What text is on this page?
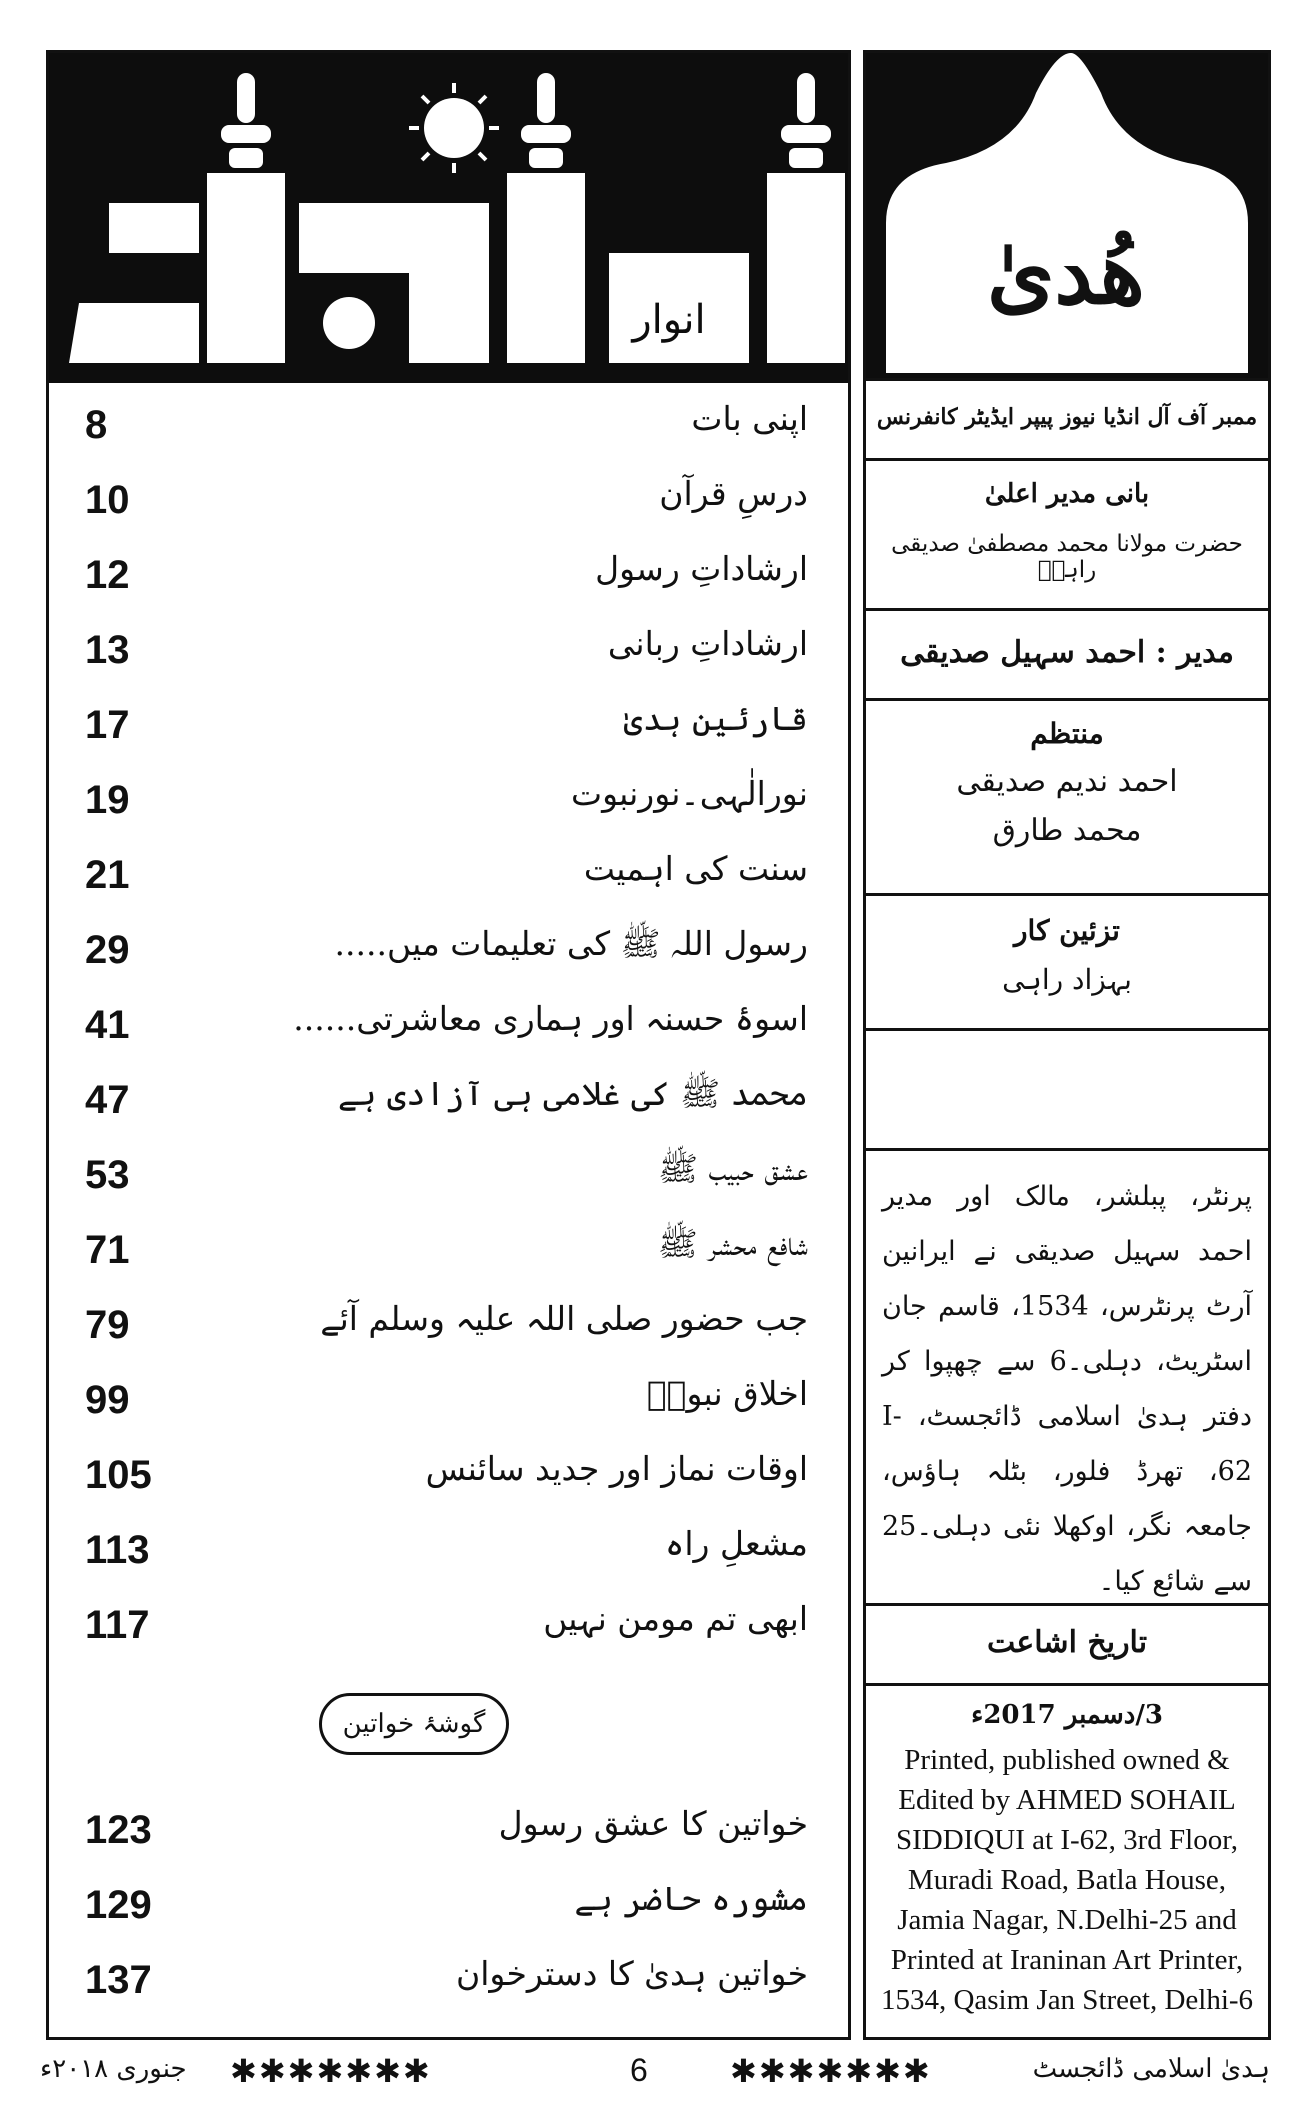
انوار
8	اپنی بات
10	درسِ قرآن
12	ارشاداتِ رسول
13	ارشاداتِ ربانی
17	قارئین ہدیٰ
19	نورالٰہی۔نورنبوت
21	سنت کی اہمیت
29	رسول اللہ ﷺ کی تعلیمات میں.....
41	اسوۂ حسنہ اور ہماری معاشرتی......
47	محمد ﷺ کی غلامی ہی آزادی ہے
53	عشق حبیب ﷺ
71	شافع محشر ﷺ
79	جب حضور صلی اللہ علیہ وسلم آئے
99	اخلاق نبویؐ
105	اوقات نماز اور جدید سائنس
113	مشعلِ راہ
117	ابھی تم مومن نہیں
گوشۂ خواتین
123	خواتین کا عشق رسول
129	مشورہ حاضر ہے
137	خواتین ہدیٰ کا دسترخوان
هُدیٰ
ممبر آف آل انڈیا نیوز پیپر ایڈیٹر کانفرنس
بانی مدیر اعلیٰ
حضرت مولانا محمد مصطفیٰ صدیقی راہیؒ
مدیر : احمد سہیل صدیقی
منتظم
احمد ندیم صدیقی
محمد طارق
تزئین کار
بہزاد راہی
پرنٹر، پبلشر، مالک اور مدیر احمد سہیل صدیقی نے ایرانین آرٹ پرنٹرس، 1534، قاسم جان اسٹریٹ، دہلی۔6 سے چھپوا کر دفتر ہدیٰ اسلامی ڈائجسٹ، I-62، تھرڈ فلور، بٹلہ ہاؤس، جامعہ نگر، اوکھلا نئی دہلی۔25 سے شائع کیا۔
تاریخ اشاعت
3/دسمبر 2017ء
Printed, published owned &
Edited by AHMED SOHAIL
SIDDIQUI at I-62, 3rd Floor,
Muradi Road, Batla House,
Jamia Nagar, N.Delhi-25 and
Printed at Iraninan Art Printer,
1534, Qasim Jan Street, Delhi-6
جنوری ۲۰۱۸ء	✱✱✱✱✱✱✱	6	✱✱✱✱✱✱✱	ہدیٰ اسلامی ڈائجسٹ
